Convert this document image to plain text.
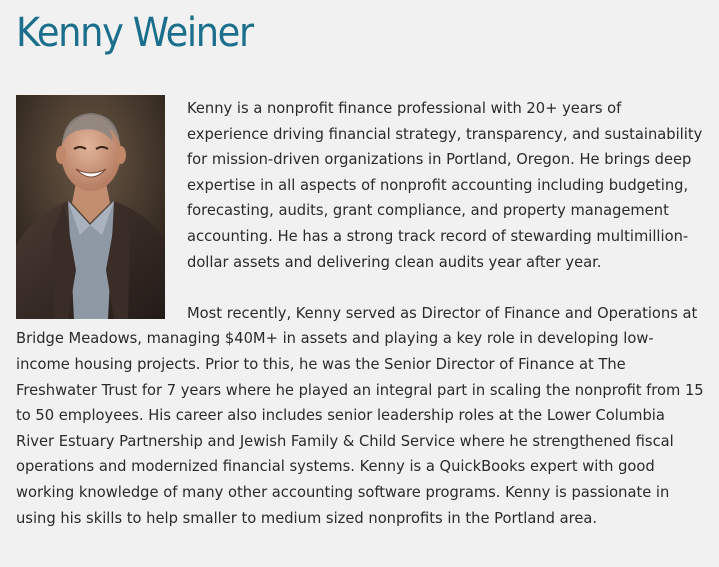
Kenny Weiner

Kenny is a nonprofit finance professional with 20+ years of experience driving financial strategy, transparency, and sustainability for mission-driven organizations in Portland, Oregon. He brings deep expertise in all aspects of nonprofit accounting including budgeting, forecasting, audits, grant compliance, and property management accounting. He has a strong track record of stewarding multimillion-dollar assets and delivering clean audits year after year.

Most recently, Kenny served as Director of Finance and Operations at Bridge Meadows, managing $40M+ in assets and playing a key role in developing low-income housing projects. Prior to this, he was the Senior Director of Finance at The Freshwater Trust for 7 years where he played an integral part in scaling the nonprofit from 15 to 50 employees. His career also includes senior leadership roles at the Lower Columbia River Estuary Partnership and Jewish Family & Child Service where he strengthened fiscal operations and modernized financial systems. Kenny is a QuickBooks expert with good working knowledge of many other accounting software programs. Kenny is passionate in using his skills to help smaller to medium sized nonprofits in the Portland area.
